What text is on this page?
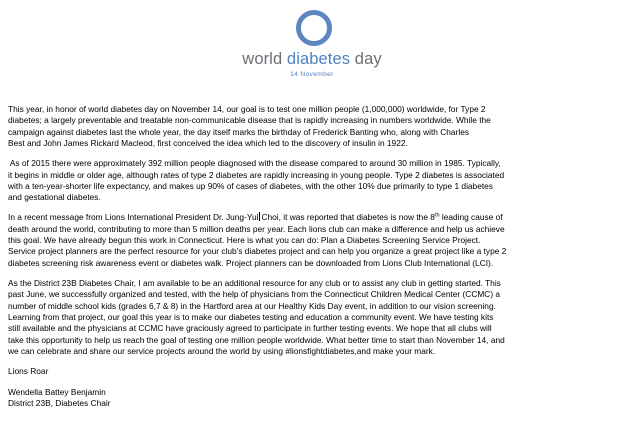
world diabetes day
14 November

This year, in honor of world diabetes day on November 14, our goal is to test one million people (1,000,000) worldwide, for Type 2
diabetes; a largely preventable and treatable non-communicable disease that is rapidly increasing in numbers worldwide. While the
campaign against diabetes last the whole year, the day itself marks the birthday of Frederick Banting who, along with Charles
Best and John James Rickard Macleod, first conceived the idea which led to the discovery of insulin in 1922.

As of 2015 there were approximately 392 million people diagnosed with the disease compared to around 30 million in 1985. Typically,
it begins in middle or older age, although rates of type 2 diabetes are rapidly increasing in young people. Type 2 diabetes is associated
with a ten-year-shorter life expectancy, and makes up 90% of cases of diabetes, with the other 10% due primarily to type 1 diabetes
and gestational diabetes.

In a recent message from Lions International President Dr. Jung-Yul Choi, it was reported that diabetes is now the 8th leading cause of
death around the world, contributing to more than 5 million deaths per year. Each lions club can make a difference and help us achieve
this goal. We have already begun this work in Connecticut. Here is what you can do: Plan a Diabetes Screening Service Project.
Service project planners are the perfect resource for your club's diabetes project and can help you organize a great project like a type 2
diabetes screening risk awareness event or diabetes walk. Project planners can be downloaded from Lions Club International (LCI).

As the District 23B Diabetes Chair, I am available to be an additional resource for any club or to assist any club in getting started. This
past June, we successfully organized and tested, with the help of physicians from the Connecticut Children Medical Center (CCMC) a
number of middle school kids (grades 6,7 & 8) in the Hartford area at our Healthy Kids Day event, in addition to our vision screening.
Learning from that project, our goal this year is to make our diabetes testing and education a community event. We have testing kits
still available and the physicians at CCMC have graciously agreed to participate in further testing events. We hope that all clubs will
take this opportunity to help us reach the goal of testing one million people worldwide. What better time to start than November 14, and
we can celebrate and share our service projects around the world by using #lionsfightdiabetes,and make your mark.

Lions Roar

Wendella Battey Benjamin

District 23B, Diabetes Chair
